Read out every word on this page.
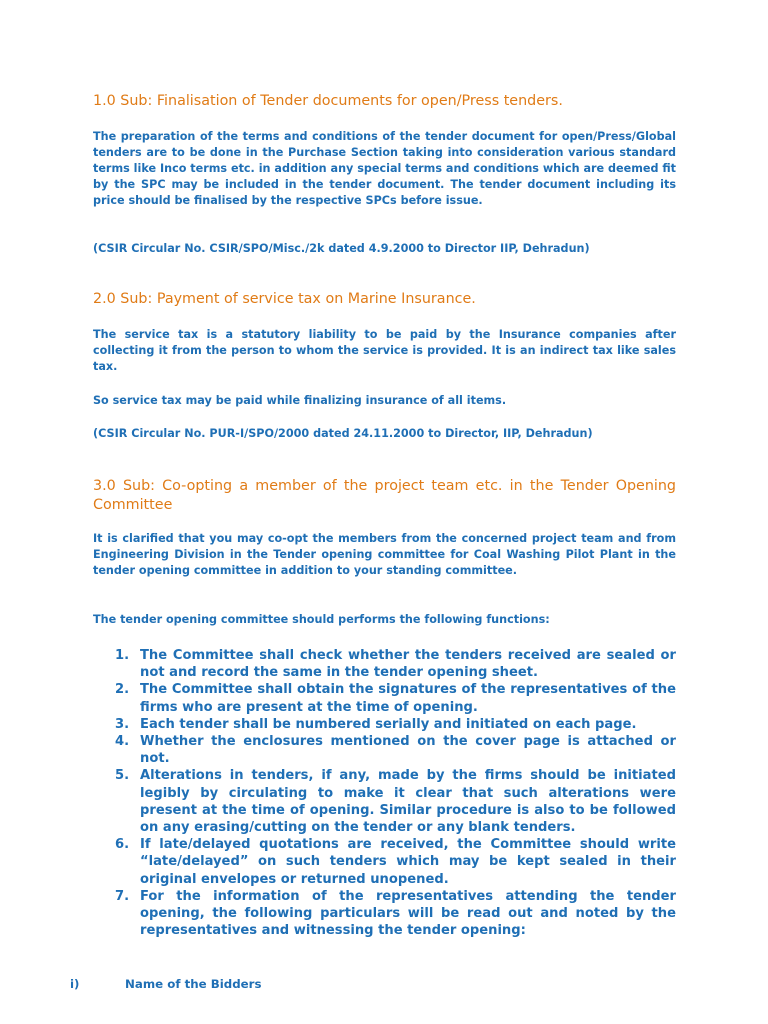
1.0 Sub: Finalisation of Tender documents for open/Press tenders.

The preparation of the terms and conditions of the tender document for open/Press/Global tenders are to be done in the Purchase Section taking into consideration various standard terms like Inco terms etc. in addition any special terms and conditions which are deemed fit by the SPC may be included in the tender document. The tender document including its price should be finalised by the respective SPCs before issue.

(CSIR Circular No. CSIR/SPO/Misc./2k dated 4.9.2000 to Director IIP, Dehradun)

2.0 Sub: Payment of service tax on Marine Insurance.

The service tax is a statutory liability to be paid by the Insurance companies after collecting it from the person to whom the service is provided. It is an indirect tax like sales tax.

So service tax may be paid while finalizing insurance of all items.

(CSIR Circular No. PUR-I/SPO/2000 dated 24.11.2000 to Director, IIP, Dehradun)

3.0 Sub: Co-opting a member of the project team etc. in the Tender Opening Committee

It is clarified that you may co-opt the members from the concerned project team and from Engineering Division in the Tender opening committee for Coal Washing Pilot Plant in the tender opening committee in addition to your standing committee.

The tender opening committee should performs the following functions:

1. The Committee shall check whether the tenders received are sealed or not and record the same in the tender opening sheet.
2. The Committee shall obtain the signatures of the representatives of the firms who are present at the time of opening.
3. Each tender shall be numbered serially and initiated on each page.
4. Whether the enclosures mentioned on the cover page is attached or not.
5. Alterations in tenders, if any, made by the firms should be initiated legibly by circulating to make it clear that such alterations were present at the time of opening. Similar procedure is also to be followed on any erasing/cutting on the tender or any blank tenders.
6. If late/delayed quotations are received, the Committee should write “late/delayed” on such tenders which may be kept sealed in their original envelopes or returned unopened.
7. For the information of the representatives attending the tender opening, the following particulars will be read out and noted by the representatives and witnessing the tender opening:
i)	Name of the Bidders
